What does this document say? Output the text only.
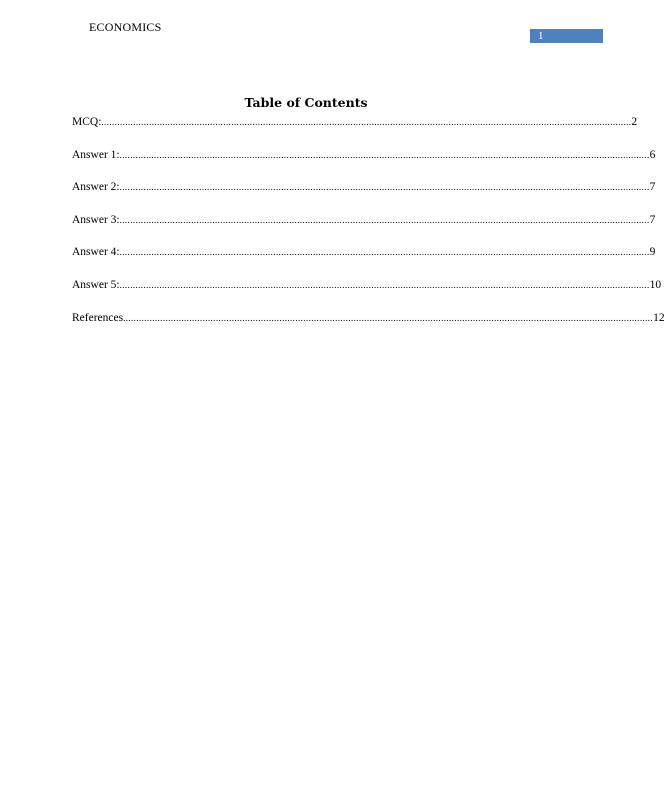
ECONOMICS
1
Table of Contents
MCQ: ........................................................................................................................................................................................................ 2
Answer 1: ........................................................................................................................................................................................................ 6
Answer 2: ........................................................................................................................................................................................................ 7
Answer 3: ........................................................................................................................................................................................................ 7
Answer 4: ........................................................................................................................................................................................................ 9
Answer 5: ........................................................................................................................................................................................................ 10
References ........................................................................................................................................................................................................ 12
